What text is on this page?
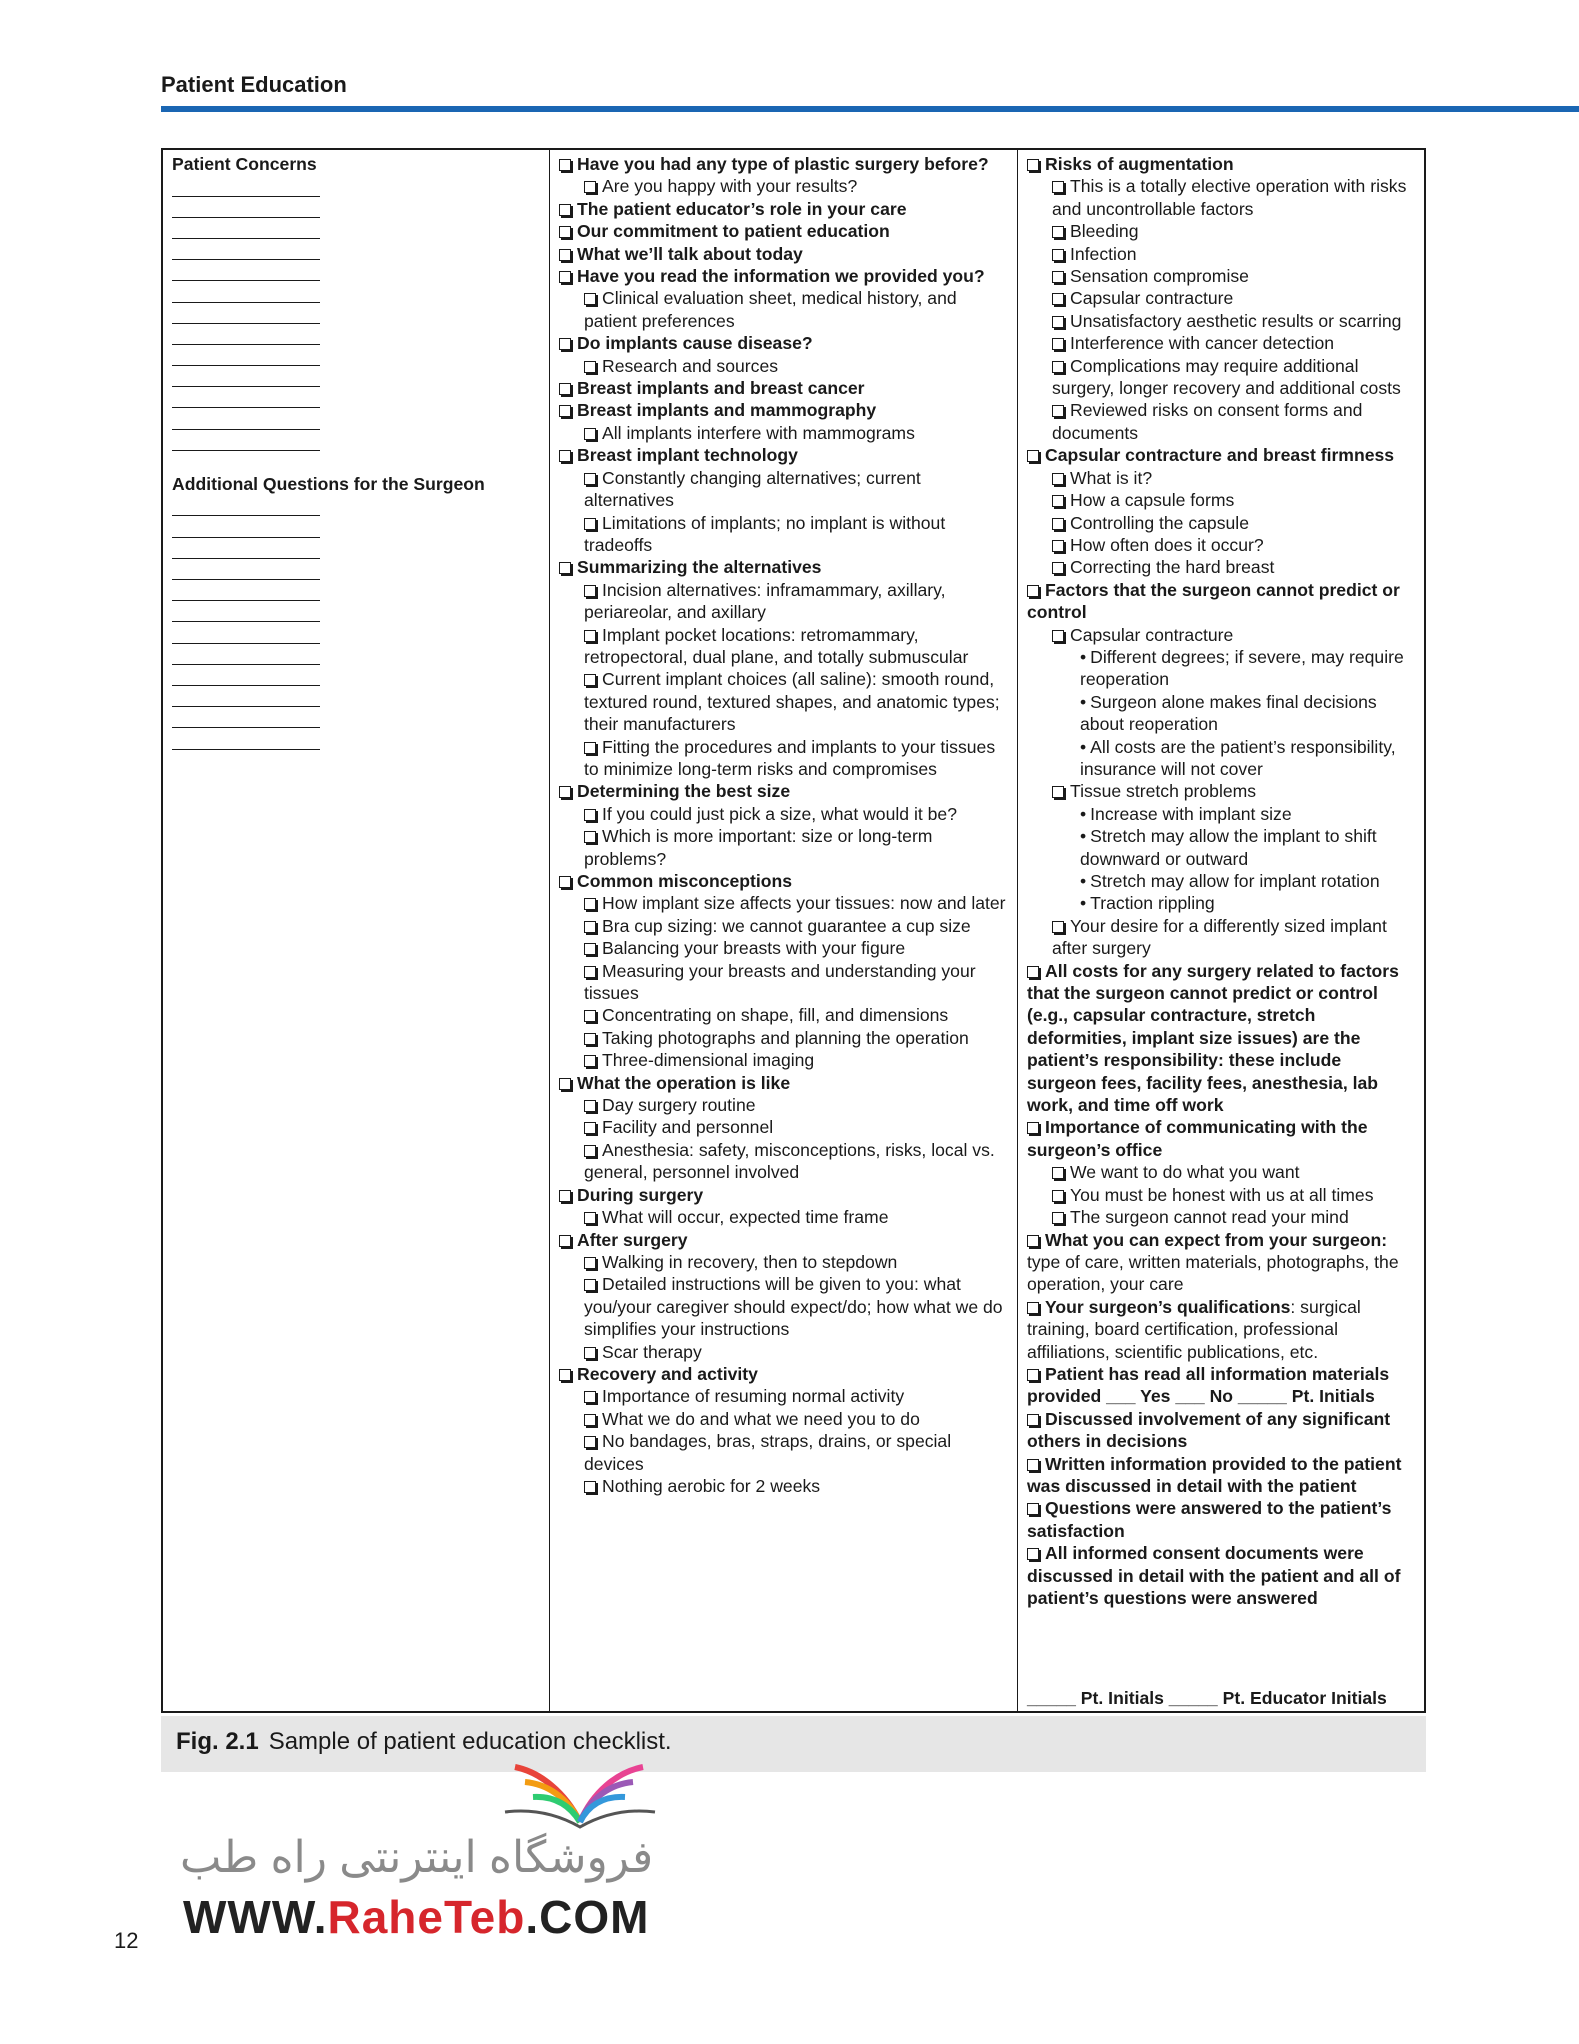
Patient Education
Patient Concerns
Additional Questions for the Surgeon
Have you had any type of plastic surgery before?
Are you happy with your results?
The patient educator’s role in your care
Our commitment to patient education
What we’ll talk about today
Have you read the information we provided you?
Clinical evaluation sheet, medical history, and patient preferences
Do implants cause disease?
Research and sources
Breast implants and breast cancer
Breast implants and mammography
All implants interfere with mammograms
Breast implant technology
Constantly changing alternatives; current alternatives
Limitations of implants; no implant is without tradeoffs
Summarizing the alternatives
Incision alternatives: inframammary, axillary, periareolar, and axillary
Implant pocket locations: retromammary, retropectoral, dual plane, and totally submuscular
Current implant choices (all saline): smooth round, textured round, textured shapes, and anatomic types; their manufacturers
Fitting the procedures and implants to your tissues to minimize long-term risks and compromises
Determining the best size
If you could just pick a size, what would it be?
Which is more important: size or long-term problems?
Common misconceptions
How implant size affects your tissues: now and later
Bra cup sizing: we cannot guarantee a cup size
Balancing your breasts with your figure
Measuring your breasts and understanding your tissues
Concentrating on shape, fill, and dimensions
Taking photographs and planning the operation
Three-dimensional imaging
What the operation is like
Day surgery routine
Facility and personnel
Anesthesia: safety, misconceptions, risks, local vs. general, personnel involved
During surgery
What will occur, expected time frame
After surgery
Walking in recovery, then to stepdown
Detailed instructions will be given to you: what you/your caregiver should expect/do; how what we do simplifies your instructions
Scar therapy
Recovery and activity
Importance of resuming normal activity
What we do and what we need you to do
No bandages, bras, straps, drains, or special devices
Nothing aerobic for 2 weeks
Risks of augmentation
This is a totally elective operation with risks and uncontrollable factors
Bleeding
Infection
Sensation compromise
Capsular contracture
Unsatisfactory aesthetic results or scarring
Interference with cancer detection
Complications may require additional surgery, longer recovery and additional costs
Reviewed risks on consent forms and documents
Capsular contracture and breast firmness
What is it?
How a capsule forms
Controlling the capsule
How often does it occur?
Correcting the hard breast
Factors that the surgeon cannot predict or control
Capsular contracture
• Different degrees; if severe, may require reoperation
• Surgeon alone makes final decisions about reoperation
• All costs are the patient’s responsibility, insurance will not cover
Tissue stretch problems
• Increase with implant size
• Stretch may allow the implant to shift downward or outward
• Stretch may allow for implant rotation
• Traction rippling
Your desire for a differently sized implant after surgery
All costs for any surgery related to factors that the surgeon cannot predict or control (e.g., capsular contracture, stretch deformities, implant size issues) are the patient’s responsibility: these include surgeon fees, facility fees, anesthesia, lab work, and time off work
Importance of communicating with the surgeon’s office
We want to do what you want
You must be honest with us at all times
The surgeon cannot read your mind
What you can expect from your surgeon: type of care, written materials, photographs, the operation, your care
Your surgeon’s qualifications: surgical training, board certification, professional affiliations, scientific publications, etc.
Patient has read all information materials provided ___ Yes ___ No _____ Pt. Initials
Discussed involvement of any significant others in decisions
Written information provided to the patient was discussed in detail with the patient
Questions were answered to the patient’s satisfaction
All informed consent documents were discussed in detail with the patient and all of patient’s questions were answered
_____ Pt. Initials _____ Pt. Educator Initials
Fig. 2.1 Sample of patient education checklist.
فروشگاه اینترنتی راه طب
WWW.RaheTeb.COM
12
